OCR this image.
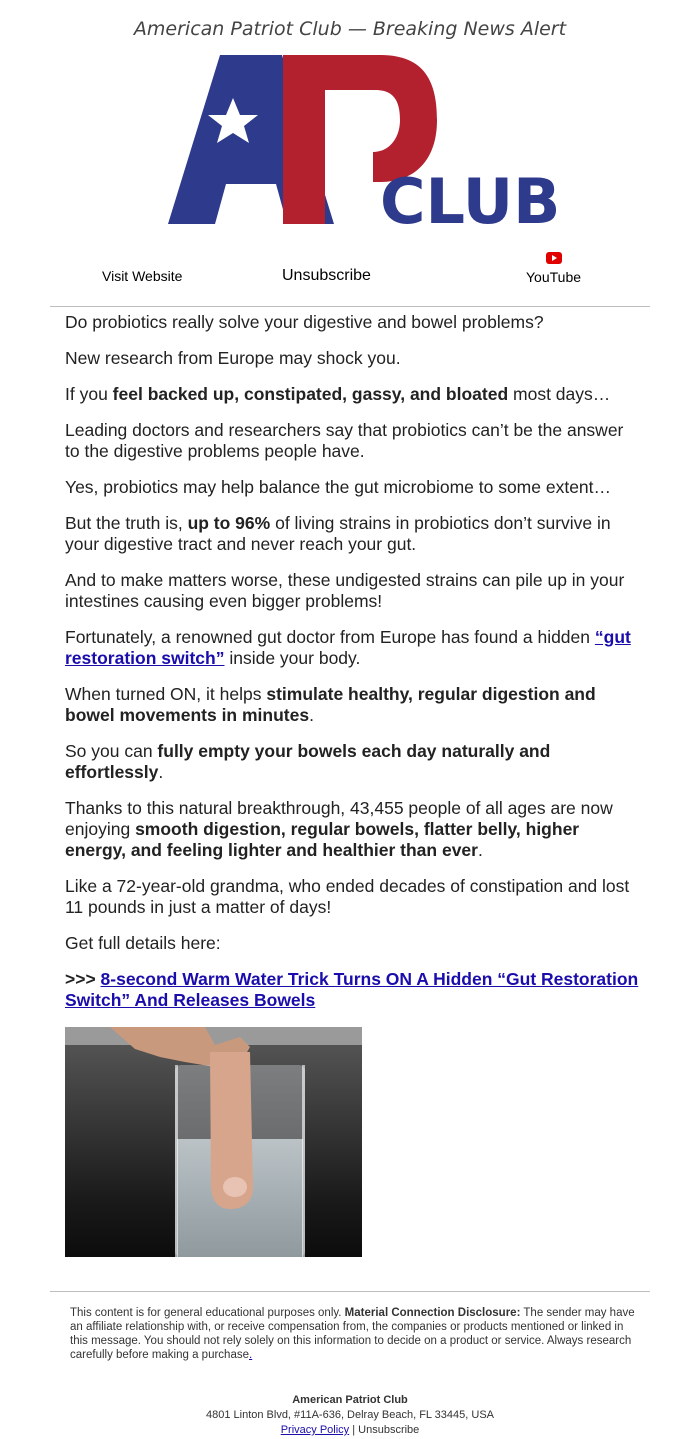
American Patriot Club — Breaking News Alert
CLUB
Visit Website	Unsubscribe	YouTube

Do probiotics really solve your digestive and bowel problems?

New research from Europe may shock you.

If you feel backed up, constipated, gassy, and bloated most days…

Leading doctors and researchers say that probiotics can’t be the answer to the digestive problems people have.

Yes, probiotics may help balance the gut microbiome to some extent…

But the truth is, up to 96% of living strains in probiotics don’t survive in your digestive tract and never reach your gut.

And to make matters worse, these undigested strains can pile up in your intestines causing even bigger problems!

Fortunately, a renowned gut doctor from Europe has found a hidden “gut restoration switch” inside your body.

When turned ON, it helps stimulate healthy, regular digestion and bowel movements in minutes.

So you can fully empty your bowels each day naturally and effortlessly.

Thanks to this natural breakthrough, 43,455 people of all ages are now enjoying smooth digestion, regular bowels, flatter belly, higher energy, and feeling lighter and healthier than ever.

Like a 72-year-old grandma, who ended decades of constipation and lost 11 pounds in just a matter of days!

Get full details here:

>>> 8-second Warm Water Trick Turns ON A Hidden “Gut Restoration Switch” And Releases Bowels

This content is for general educational purposes only. Material Connection Disclosure: The sender may have an affiliate relationship with, or receive compensation from, the companies or products mentioned or linked in this message. You should not rely solely on this information to decide on a product or service. Always research carefully before making a purchase.
American Patriot Club
4801 Linton Blvd, #11A-636, Delray Beach, FL 33445, USA
Privacy Policy | Unsubscribe
